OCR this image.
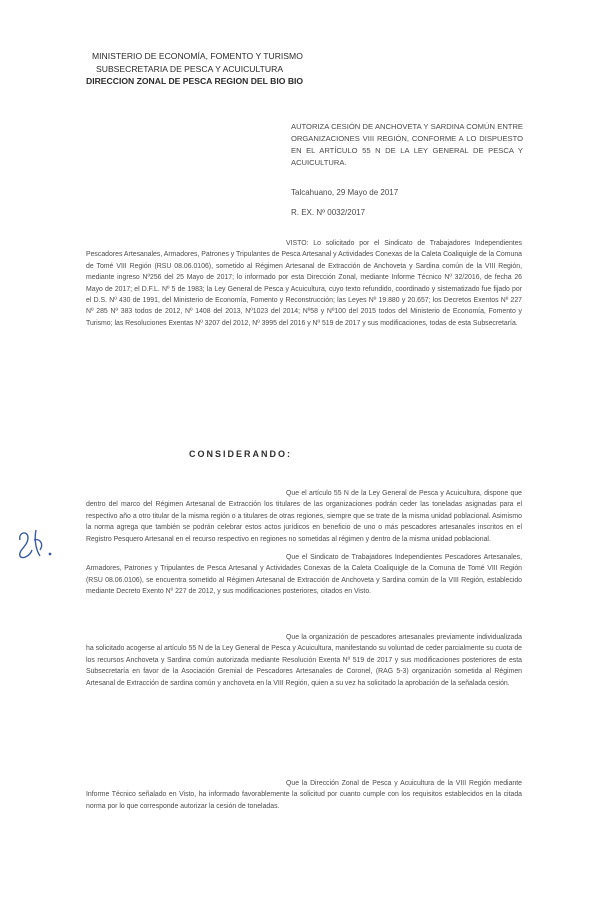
MINISTERIO DE ECONOMÍA, FOMENTO Y TURISMO
SUBSECRETARIA DE PESCA Y ACUICULTURA
DIRECCION ZONAL DE PESCA REGION DEL BIO BIO
AUTORIZA CESIÓN DE ANCHOVETA Y SARDINA COMÚN ENTRE ORGANIZACIONES VIII REGIÓN, CONFORME A LO DISPUESTO EN EL ARTÍCULO 55 N DE LA LEY GENERAL DE PESCA Y ACUICULTURA.
Talcahuano, 29 Mayo de 2017
R. EX. Nº 0032/2017
VISTO: Lo solicitado por el Sindicato de Trabajadores Independientes Pescadores Artesanales, Armadores, Patrones y Tripulantes de Pesca Artesanal y Actividades Conexas de la Caleta Coaliquigle de la Comuna de Tomé VIII Región (RSU 08.06.0106), sometido al Régimen Artesanal de Extracción de Anchoveta y Sardina común de la VIII Región, mediante ingreso Nº256 del 25 Mayo de 2017; lo informado por esta Dirección Zonal, mediante Informe Técnico Nº 32/2016, de fecha 26 Mayo de 2017; el D.F.L. Nº 5 de 1983; la Ley General de Pesca y Acuicultura, cuyo texto refundido, coordinado y sistematizado fue fijado por el D.S. Nº 430 de 1991, del Ministerio de Economía, Fomento y Reconstrucción; las Leyes Nº 19.880 y 20.657; los Decretos Exentos Nº 227 Nº 285 Nº 383 todos de 2012, Nº 1408 del 2013, Nº1023 del 2014; Nº58 y Nº100 del 2015 todos del Ministerio de Economía, Fomento y Turismo; las Resoluciones Exentas Nº 3207 del 2012, Nº 3995 del 2016 y Nº 519 de 2017 y sus modificaciones, todas de esta Subsecretaría.
CONSIDERANDO:
Que el artículo 55 N de la Ley General de Pesca y Acuicultura, dispone que dentro del marco del Régimen Artesanal de Extracción los titulares de las organizaciones podrán ceder las toneladas asignadas para el respectivo año a otro titular de la misma región o a titulares de otras regiones, siempre que se trate de la misma unidad poblacional. Asimismo la norma agrega que también se podrán celebrar estos actos jurídicos en beneficio de uno o más pescadores artesanales inscritos en el Registro Pesquero Artesanal en el recurso respectivo en regiones no sometidas al régimen y dentro de la misma unidad poblacional.
Que el Sindicato de Trabajadores Independientes Pescadores Artesanales, Armadores, Patrones y Tripulantes de Pesca Artesanal y Actividades Conexas de la Caleta Coaliquigle de la Comuna de Tomé VIII Región (RSU 08.06.0106), se encuentra sometido al Régimen Artesanal de Extracción de Anchoveta y Sardina común de la VIII Región, establecido mediante Decreto Exento Nº 227 de 2012, y sus modificaciones posteriores, citados en Visto.
Que la organización de pescadores artesanales previamente individualizada ha solicitado acogerse al artículo 55 N de la Ley General de Pesca y Acuicultura, manifestando su voluntad de ceder parcialmente su cuota de los recursos Anchoveta y Sardina común autorizada mediante Resolución Exenta Nº 519 de 2017 y sus modificaciones posteriores de esta Subsecretaría en favor de la Asociación Gremial de Pescadores Artesanales de Coronel, (RAG 5-3) organización sometida al Régimen Artesanal de Extracción de sardina común y anchoveta en la VIII Región, quien a su vez ha solicitado la aprobación de la señalada cesión.
Que la Dirección Zonal de Pesca y Acuicultura de la VIII Región mediante Informe Técnico señalado en Visto, ha informado favorablemente la solicitud por cuanto cumple con los requisitos establecidos en la citada norma por lo que corresponde autorizar la cesión de toneladas.
